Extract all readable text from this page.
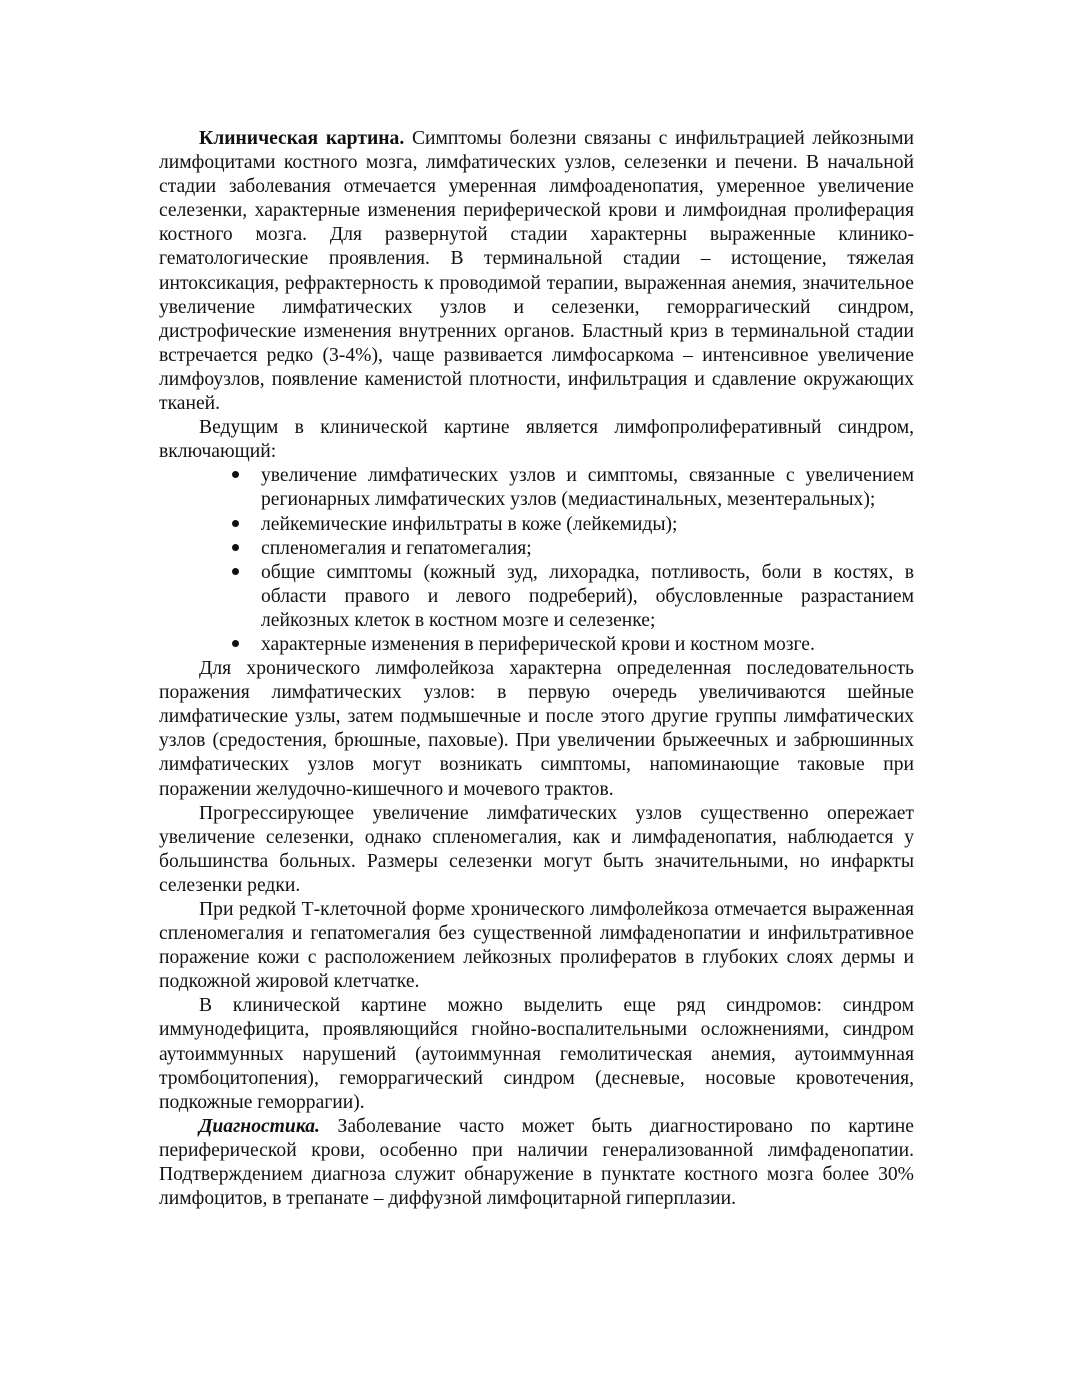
Клиническая картина. Симптомы болезни связаны с инфильтрацией лейкозными лимфоцитами костного мозга, лимфатических узлов, селезенки и печени. В начальной стадии заболевания отмечается умеренная лимфоаденопатия, умеренное увеличение селезенки, характерные изменения периферической крови и лимфоидная пролиферация костного мозга. Для развернутой стадии характерны выраженные клинико-гематологические проявления. В терминальной стадии – истощение, тяжелая интоксикация, рефрактерность к проводимой терапии, выраженная анемия, значительное увеличение лимфатических узлов и селезенки, геморрагический синдром, дистрофические изменения внутренних органов. Бластный криз в терминальной стадии встречается редко (3-4%), чаще развивается лимфосаркома – интенсивное увеличение лимфоузлов, появление каменистой плотности, инфильтрация и сдавление окружающих тканей.

Ведущим в клинической картине является лимфопролиферативный синдром, включающий:

увеличение лимфатических узлов и симптомы, связанные с увеличением регионарных лимфатических узлов (медиастинальных, мезентеральных);
лейкемические инфильтраты в коже (лейкемиды);
спленомегалия и гепатомегалия;
общие симптомы (кожный зуд, лихорадка, потливость, боли в костях, в области правого и левого подреберий), обусловленные разрастанием лейкозных клеток в костном мозге и селезенке;
характерные изменения в периферической крови и костном мозге.

Для хронического лимфолейкоза характерна определенная последовательность поражения лимфатических узлов: в первую очередь увеличиваются шейные лимфатические узлы, затем подмышечные и после этого другие группы лимфатических узлов (средостения, брюшные, паховые). При увеличении брыжеечных и забрюшинных лимфатических узлов могут возникать симптомы, напоминающие таковые при поражении желудочно-кишечного и мочевого трактов.

Прогрессирующее увеличение лимфатических узлов существенно опережает увеличение селезенки, однако спленомегалия, как и лимфаденопатия, наблюдается у большинства больных. Размеры селезенки могут быть значительными, но инфаркты селезенки редки.

При редкой Т-клеточной форме хронического лимфолейкоза отмечается выраженная спленомегалия и гепатомегалия без существенной лимфаденопатии и инфильтративное поражение кожи с расположением лейкозных пролифератов в глубоких слоях дермы и подкожной жировой клетчатке.

В клинической картине можно выделить еще ряд синдромов: синдром иммунодефицита, проявляющийся гнойно-воспалительными осложнениями, синдром аутоиммунных нарушений (аутоиммунная гемолитическая анемия, аутоиммунная тромбоцитопения), геморрагический синдром (десневые, носовые кровотечения, подкожные геморрагии).

Диагностика. Заболевание часто может быть диагностировано по картине периферической крови, особенно при наличии генерализованной лимфаденопатии. Подтверждением диагноза служит обнаружение в пунктате костного мозга более 30% лимфоцитов, в трепанате – диффузной лимфоцитарной гиперплазии.
